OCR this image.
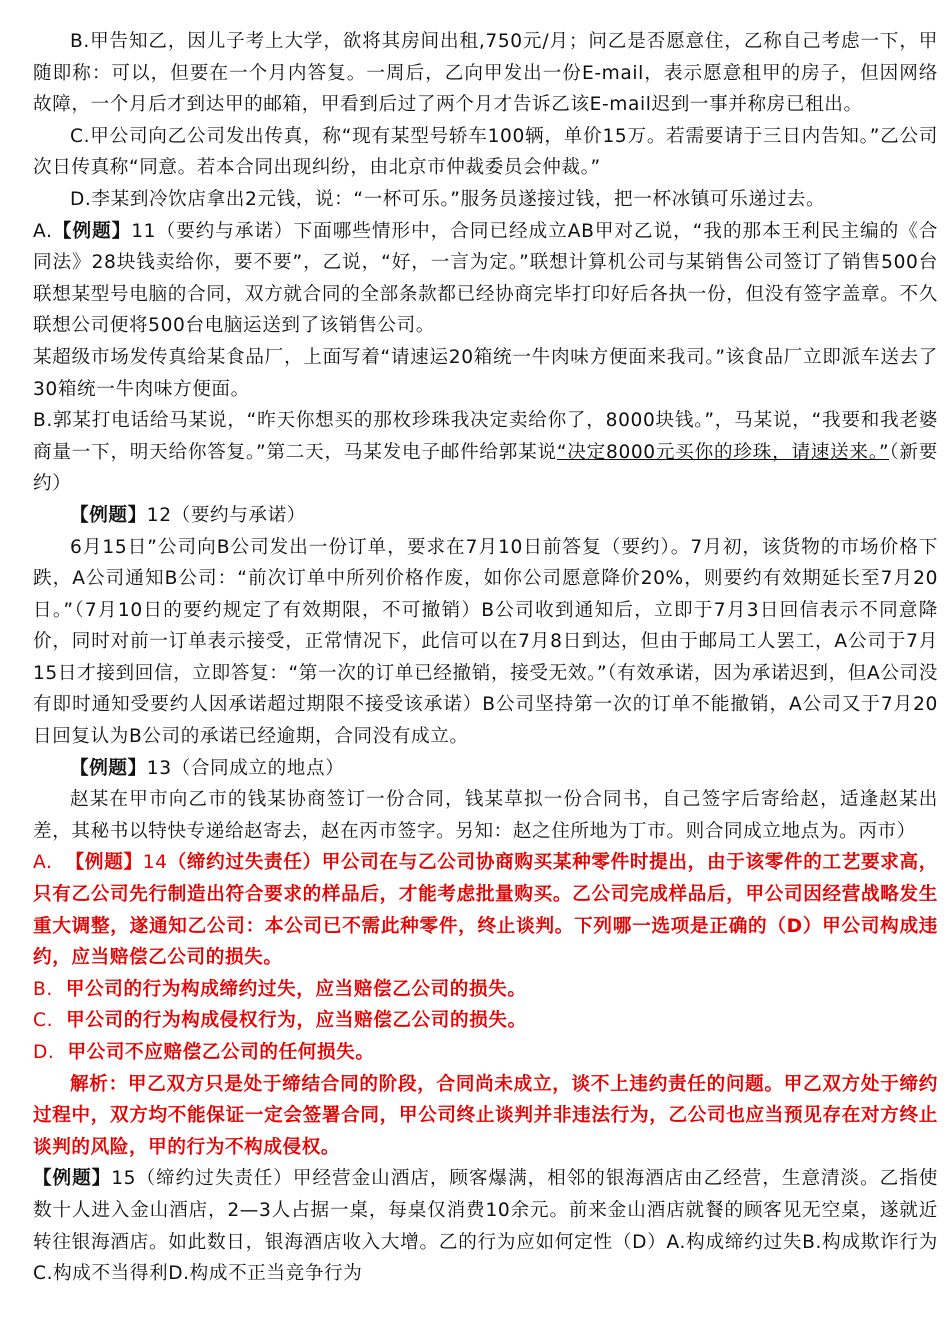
B.甲告知乙，因儿子考上大学，欲将其房间出租,750元/月；问乙是否愿意住，乙称自己考虑一下，甲随即称：可以，但要在一个月内答复。一周后，乙向甲发出一份E-mail，表示愿意租甲的房子，但因网络故障，一个月后才到达甲的邮箱，甲看到后过了两个月才告诉乙该E-mail迟到一事并称房已租出。

C.甲公司向乙公司发出传真，称“现有某型号轿车100辆，单价15万。若需要请于三日内告知。”乙公司次日传真称“同意。若本合同出现纠纷，由北京市仲裁委员会仲裁。”

D.李某到冷饮店拿出2元钱，说：“一杯可乐。”服务员遂接过钱，把一杯冰镇可乐递过去。

A.【例题】11（要约与承诺）下面哪些情形中，合同已经成立AB甲对乙说，“我的那本王利民主编的《合同法》28块钱卖给你，要不要”，乙说，“好，一言为定。”联想计算机公司与某销售公司签订了销售500台联想某型号电脑的合同，双方就合同的全部条款都已经协商完毕打印好后各执一份，但没有签字盖章。不久联想公司便将500台电脑运送到了该销售公司。

某超级市场发传真给某食品厂，上面写着“请速运20箱统一牛肉味方便面来我司。”该食品厂立即派车送去了30箱统一牛肉味方便面。

B.郭某打电话给马某说，“昨天你想买的那枚珍珠我决定卖给你了，8000块钱。”，马某说，“我要和我老婆商量一下，明天给你答复。”第二天，马某发电子邮件给郭某说“决定8000元买你的珍珠，请速送来。”（新要约）

【例题】12（要约与承诺）

6月15日”公司向B公司发出一份订单，要求在7月10日前答复（要约）。7月初，该货物的市场价格下跌，A公司通知B公司：“前次订单中所列价格作废，如你公司愿意降价20%，则要约有效期延长至7月20日。”（7月10日的要约规定了有效期限，不可撤销）B公司收到通知后，立即于7月3日回信表示不同意降价，同时对前一订单表示接受，正常情况下，此信可以在7月8日到达，但由于邮局工人罢工，A公司于7月15日才接到回信，立即答复：“第一次的订单已经撤销，接受无效。”（有效承诺，因为承诺迟到，但A公司没有即时通知受要约人因承诺超过期限不接受该承诺）B公司坚持第一次的订单不能撤销，A公司又于7月20日回复认为B公司的承诺已经逾期，合同没有成立。

【例题】13（合同成立的地点）

赵某在甲市向乙市的钱某协商签订一份合同，钱某草拟一份合同书，自己签字后寄给赵，适逢赵某出差，其秘书以特快专递给赵寄去，赵在丙市签字。另知：赵之住所地为丁市。则合同成立地点为。丙市）

A.  【例题】14（缔约过失责任）甲公司在与乙公司协商购买某种零件时提出，由于该零件的工艺要求高，只有乙公司先行制造出符合要求的样品后，才能考虑批量购买。乙公司完成样品后，甲公司因经营战略发生重大调整，遂通知乙公司：本公司已不需此种零件，终止谈判。下列哪一选项是正确的（D）甲公司构成违约，应当赔偿乙公司的损失。

B.  甲公司的行为构成缔约过失，应当赔偿乙公司的损失。

C.  甲公司的行为构成侵权行为，应当赔偿乙公司的损失。

D.  甲公司不应赔偿乙公司的任何损失。

解析：甲乙双方只是处于缔结合同的阶段，合同尚未成立，谈不上违约责任的问题。甲乙双方处于缔约过程中，双方均不能保证一定会签署合同，甲公司终止谈判并非违法行为，乙公司也应当预见存在对方终止谈判的风险，甲的行为不构成侵权。

【例题】15（缔约过失责任）甲经营金山酒店，顾客爆满，相邻的银海酒店由乙经营，生意清淡。乙指使数十人进入金山酒店，2—3人占据一桌，每桌仅消费10余元。前来金山酒店就餐的顾客见无空桌，遂就近转往银海酒店。如此数日，银海酒店收入大增。乙的行为应如何定性（D）A.构成缔约过失B.构成欺诈行为C.构成不当得利D.构成不正当竞争行为
